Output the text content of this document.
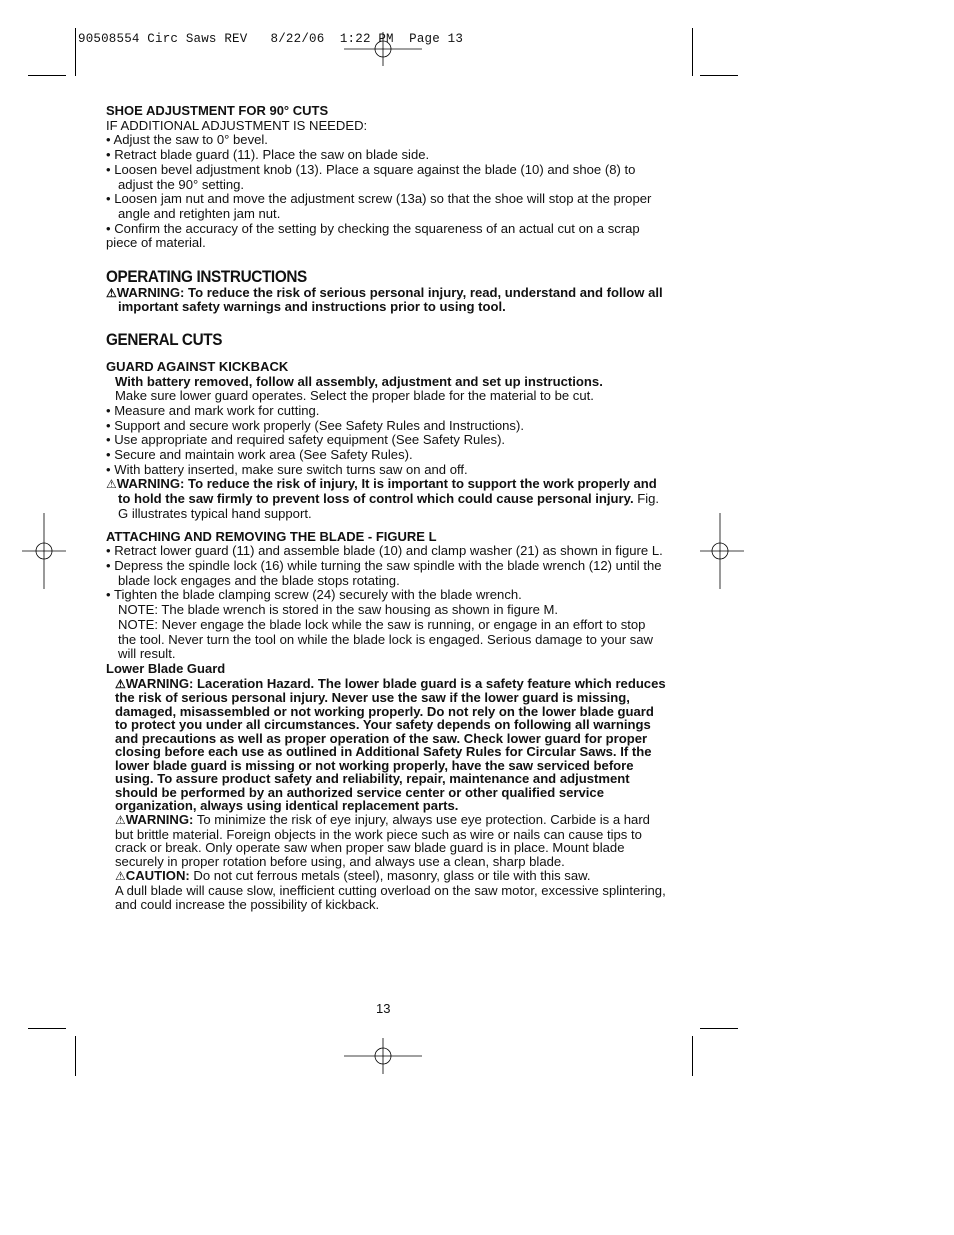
90508554 Circ Saws REV   8/22/06  1:22 PM  Page 13

SHOE ADJUSTMENT FOR 90° CUTS

IF ADDITIONAL ADJUSTMENT IS NEEDED:

• Adjust the saw to 0° bevel.

• Retract blade guard (11). Place the saw on blade side.

• Loosen bevel adjustment knob (13). Place a square against the blade (10) and shoe (8) to adjust the 90° setting.

• Loosen jam nut and move the adjustment screw (13a) so that the shoe will stop at the proper angle and retighten jam nut.

• Confirm the accuracy of the setting by checking the squareness of an actual cut on a scrap piece of material.

OPERATING INSTRUCTIONS

⚠WARNING: To reduce the risk of serious personal injury, read, understand and follow all important safety warnings and instructions prior to using tool.

GENERAL CUTS

GUARD AGAINST KICKBACK

With battery removed, follow all assembly, adjustment and set up instructions.

Make sure lower guard operates. Select the proper blade for the material to be cut.

• Measure and mark work for cutting.

• Support and secure work properly (See Safety Rules and Instructions).

• Use appropriate and required safety equipment (See Safety Rules).

• Secure and maintain work area (See Safety Rules).

• With battery inserted, make sure switch turns saw on and off.

⚠WARNING: To reduce the risk of injury, It is important to support the work properly and to hold the saw firmly to prevent loss of control which could cause personal injury. Fig. G illustrates typical hand support.

ATTACHING AND REMOVING THE BLADE - FIGURE L

• Retract lower guard (11) and assemble blade (10) and clamp washer (21) as shown in figure L.

• Depress the spindle lock (16) while turning the saw spindle with the blade wrench (12) until the blade lock engages and the blade stops rotating.

• Tighten the blade clamping screw (24) securely with the blade wrench.

NOTE: The blade wrench is stored in the saw housing as shown in figure M.

NOTE: Never engage the blade lock while the saw is running, or engage in an effort to stop the tool. Never turn the tool on while the blade lock is engaged. Serious damage to your saw will result.

Lower Blade Guard

⚠WARNING: Laceration Hazard. The lower blade guard is a safety feature which reduces the risk of serious personal injury. Never use the saw if the lower guard is missing, damaged, misassembled or not working properly. Do not rely on the lower blade guard to protect you under all circumstances. Your safety depends on following all warnings and precautions as well as proper operation of the saw. Check lower guard for proper closing before each use as outlined in Additional Safety Rules for Circular Saws. If the lower blade guard is missing or not working properly, have the saw serviced before using. To assure product safety and reliability, repair, maintenance and adjustment should be performed by an authorized service center or other qualified service organization, always using identical replacement parts.

⚠WARNING: To minimize the risk of eye injury, always use eye protection. Carbide is a hard but brittle material. Foreign objects in the work piece such as wire or nails can cause tips to crack or break. Only operate saw when proper saw blade guard is in place. Mount blade securely in proper rotation before using, and always use a clean, sharp blade.

⚠CAUTION: Do not cut ferrous metals (steel), masonry, glass or tile with this saw.

A dull blade will cause slow, inefficient cutting overload on the saw motor, excessive splintering, and could increase the possibility of kickback.

13
